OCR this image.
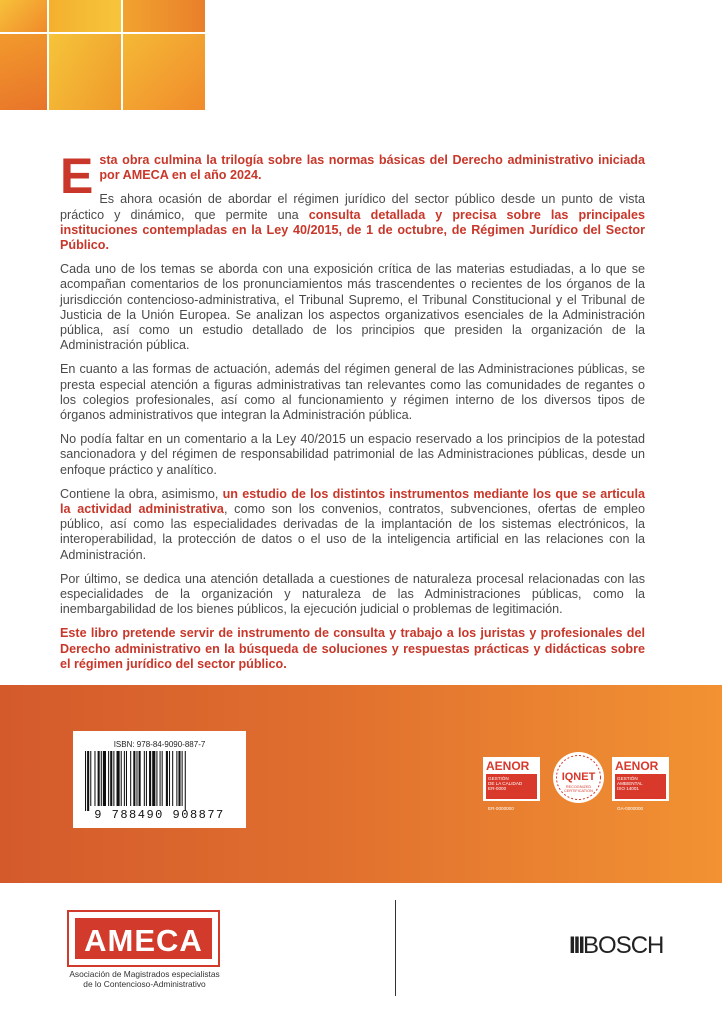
Esta obra culmina la trilogía sobre las normas básicas del Derecho administrativo iniciada por AMECA en el año 2024.

Es ahora ocasión de abordar el régimen jurídico del sector público desde un punto de vista práctico y dinámico, que permite una consulta detallada y precisa sobre las principales instituciones contempladas en la Ley 40/2015, de 1 de octubre, de Régimen Jurídico del Sector Público.

Cada uno de los temas se aborda con una exposición crítica de las materias estudiadas, a lo que se acompañan comentarios de los pronunciamientos más trascendentes o recientes de los órganos de la jurisdicción contencioso-administrativa, el Tribunal Supremo, el Tribunal Constitucional y el Tribunal de Justicia de la Unión Europea. Se analizan los aspectos organizativos esenciales de la Administración pública, así como un estudio detallado de los principios que presiden la organización de la Administración pública.

En cuanto a las formas de actuación, además del régimen general de las Administraciones públicas, se presta especial atención a figuras administrativas tan relevantes como las comunidades de regantes o los colegios profesionales, así como al funcionamiento y régimen interno de los diversos tipos de órganos administrativos que integran la Administración pública.

No podía faltar en un comentario a la Ley 40/2015 un espacio reservado a los principios de la potestad sancionadora y del régimen de responsabilidad patrimonial de las Administraciones públicas, desde un enfoque práctico y analítico.

Contiene la obra, asimismo, un estudio de los distintos instrumentos mediante los que se articula la actividad administrativa, como son los convenios, contratos, subvenciones, ofertas de empleo público, así como las especialidades derivadas de la implantación de los sistemas electrónicos, la interoperabilidad, la protección de datos o el uso de la inteligencia artificial en las relaciones con la Administración.

Por último, se dedica una atención detallada a cuestiones de naturaleza procesal relacionadas con las especialidades de la organización y naturaleza de las Administraciones públicas, como la inembargabilidad de los bienes públicos, la ejecución judicial o problemas de legitimación.

Este libro pretende servir de instrumento de consulta y trabajo a los juristas y profesionales del Derecho administrativo en la búsqueda de soluciones y respuestas prácticas y didácticas sobre el régimen jurídico del sector público.

ISBN: 978-84-9090-887-7
9 788490 908877
AENOR
GESTIÓN
DE LA CALIDAD
ER-0000
ER-0000000
IQNET
RECOGNIZED CERTIFICATION
AENOR
GESTIÓN
AMBIENTAL
ISO 14001
GA-0000000
AMECA
Asociación de Magistrados especialistas
de lo Contencioso-Administrativo
IIIBOSCH
